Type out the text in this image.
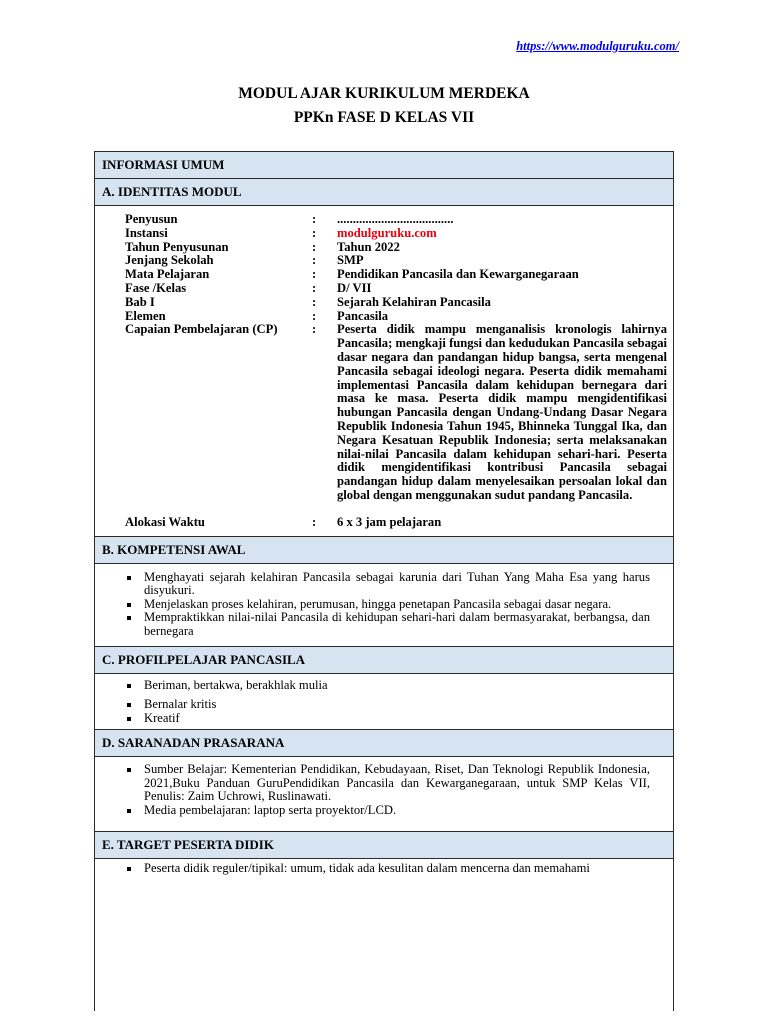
https://www.modulguruku.com/
MODUL AJAR KURIKULUM MERDEKA
PPKn FASE D KELAS VII
INFORMASI UMUM
A. IDENTITAS MODUL
Penyusun	:	.....................................
Instansi	:	modulguruku.com
Tahun Penyusunan	:	Tahun 2022
Jenjang Sekolah	:	SMP
Mata Pelajaran	:	Pendidikan Pancasila dan Kewarganegaraan
Fase /Kelas	:	D/ VII
Bab I	:	Sejarah Kelahiran Pancasila
Elemen	:	Pancasila
Capaian Pembelajaran (CP)	:	Peserta didik mampu menganalisis kronologis lahirnya Pancasila; mengkaji fungsi dan kedudukan Pancasila sebagai dasar negara dan pandangan hidup bangsa, serta mengenal Pancasila sebagai ideologi negara. Peserta didik memahami implementasi Pancasila dalam kehidupan bernegara dari masa ke masa. Peserta didik mampu mengidentifikasi hubungan Pancasila dengan Undang-Undang Dasar Negara Republik Indonesia Tahun 1945, Bhinneka Tunggal Ika, dan Negara Kesatuan Republik Indonesia; serta melaksanakan nilai-nilai Pancasila dalam kehidupan sehari-hari. Peserta didik mengidentifikasi kontribusi Pancasila sebagai pandangan hidup dalam menyelesaikan persoalan lokal dan global dengan menggunakan sudut pandang Pancasila.
Alokasi Waktu	:	6 x 3 jam pelajaran
B. KOMPETENSI AWAL
Menghayati sejarah kelahiran Pancasila sebagai karunia dari Tuhan Yang Maha Esa yang harus disyukuri.
Menjelaskan proses kelahiran, perumusan, hingga penetapan Pancasila sebagai dasar negara.
Mempraktikkan nilai-nilai Pancasila di kehidupan sehari-hari dalam bermasyarakat, berbangsa, dan bernegara
C. PROFILPELAJAR PANCASILA
Beriman, bertakwa, berakhlak mulia
Bernalar kritis
Kreatif
D. SARANADAN PRASARANA
Sumber Belajar: Kementerian Pendidikan, Kebudayaan, Riset, Dan Teknologi Republik Indonesia, 2021,Buku Panduan GuruPendidikan Pancasila dan Kewarganegaraan, untuk SMP Kelas VII, Penulis: Zaim Uchrowi, Ruslinawati.
Media pembelajaran: laptop serta proyektor/LCD.
E. TARGET PESERTA DIDIK
Peserta didik reguler/tipikal: umum, tidak ada kesulitan dalam mencerna dan memahami
